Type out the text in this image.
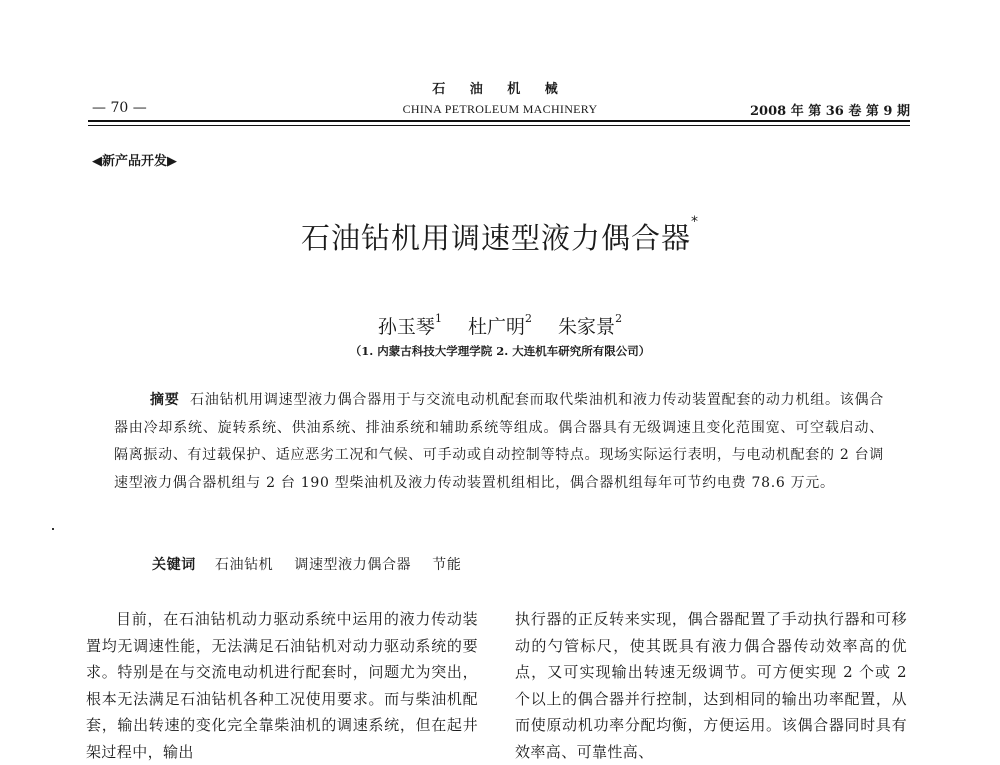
石 油 机 械
— 70 —	CHINA PETROLEUM MACHINERY	2008 年 第 36 卷 第 9 期
◀新产品开发▶
石油钻机用调速型液力偶合器*
孙玉琴$^1$ 杜广明$^2$ 朱家景$^2$
（1. 内蒙古科技大学理学院 2. 大连机车研究所有限公司）
摘要 石油钻机用调速型液力偶合器用于与交流电动机配套而取代柴油机和液力传动装置配套的动力机组。该偶合器由冷却系统、旋转系统、供油系统、排油系统和辅助系统等组成。偶合器具有无级调速且变化范围宽、可空载启动、隔离振动、有过载保护、适应恶劣工况和气候、可手动或自动控制等特点。现场实际运行表明，与电动机配套的 2 台调速型液力偶合器机组与 2 台 190 型柴油机及液力传动装置机组相比，偶合器机组每年可节约电费 78.6 万元。
关键词 石油钻机 调速型液力偶合器 节能
目前，在石油钻机动力驱动系统中运用的液力传动装置均无调速性能，无法满足石油钻机对动力驱动系统的要求。特别是在与交流电动机进行配套时，问题尤为突出，根本无法满足石油钻机各种工况使用要求。而与柴油机配套，输出转速的变化完全靠柴油机的调速系统，但在起井架过程中，输出
执行器的正反转来实现，偶合器配置了手动执行器和可移动的勺管标尺，使其既具有液力偶合器传动效率高的优点，又可实现输出转速无级调节。可方便实现 2 个或 2 个以上的偶合器并行控制，达到相同的输出功率配置，从而使原动机功率分配均衡，方便运用。该偶合器同时具有效率高、可靠性高、
